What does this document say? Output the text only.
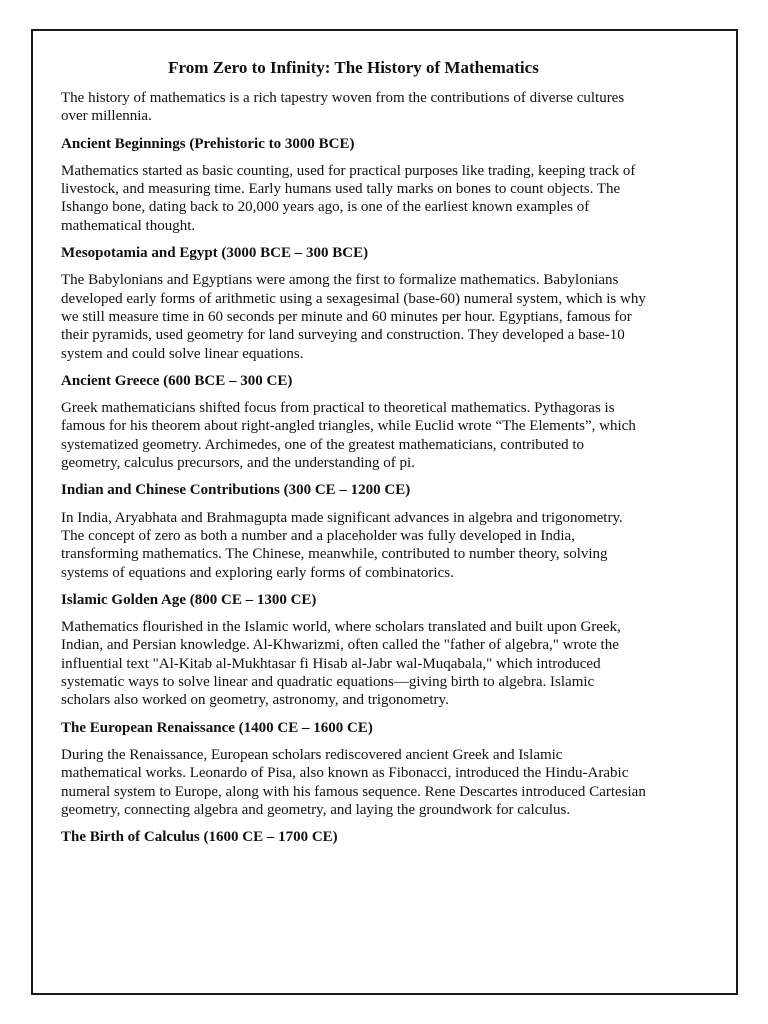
From Zero to Infinity: The History of Mathematics

The history of mathematics is a rich tapestry woven from the contributions of diverse cultures over millennia.

Ancient Beginnings (Prehistoric to 3000 BCE)

Mathematics started as basic counting, used for practical purposes like trading, keeping track of livestock, and measuring time. Early humans used tally marks on bones to count objects. The Ishango bone, dating back to 20,000 years ago, is one of the earliest known examples of mathematical thought.

Mesopotamia and Egypt (3000 BCE – 300 BCE)

The Babylonians and Egyptians were among the first to formalize mathematics. Babylonians developed early forms of arithmetic using a sexagesimal (base-60) numeral system, which is why we still measure time in 60 seconds per minute and 60 minutes per hour. Egyptians, famous for their pyramids, used geometry for land surveying and construction. They developed a base-10 system and could solve linear equations.

Ancient Greece (600 BCE – 300 CE)

Greek mathematicians shifted focus from practical to theoretical mathematics. Pythagoras is famous for his theorem about right-angled triangles, while Euclid wrote “The Elements”, which systematized geometry. Archimedes, one of the greatest mathematicians, contributed to geometry, calculus precursors, and the understanding of pi.

Indian and Chinese Contributions (300 CE – 1200 CE)

In India, Aryabhata and Brahmagupta made significant advances in algebra and trigonometry. The concept of zero as both a number and a placeholder was fully developed in India, transforming mathematics. The Chinese, meanwhile, contributed to number theory, solving systems of equations and exploring early forms of combinatorics.

Islamic Golden Age (800 CE – 1300 CE)

Mathematics flourished in the Islamic world, where scholars translated and built upon Greek, Indian, and Persian knowledge. Al-Khwarizmi, often called the "father of algebra," wrote the influential text "Al-Kitab al-Mukhtasar fi Hisab al-Jabr wal-Muqabala," which introduced systematic ways to solve linear and quadratic equations—giving birth to algebra. Islamic scholars also worked on geometry, astronomy, and trigonometry.

The European Renaissance (1400 CE – 1600 CE)

During the Renaissance, European scholars rediscovered ancient Greek and Islamic mathematical works. Leonardo of Pisa, also known as Fibonacci, introduced the Hindu-Arabic numeral system to Europe, along with his famous sequence. Rene Descartes introduced Cartesian geometry, connecting algebra and geometry, and laying the groundwork for calculus.

The Birth of Calculus (1600 CE – 1700 CE)
